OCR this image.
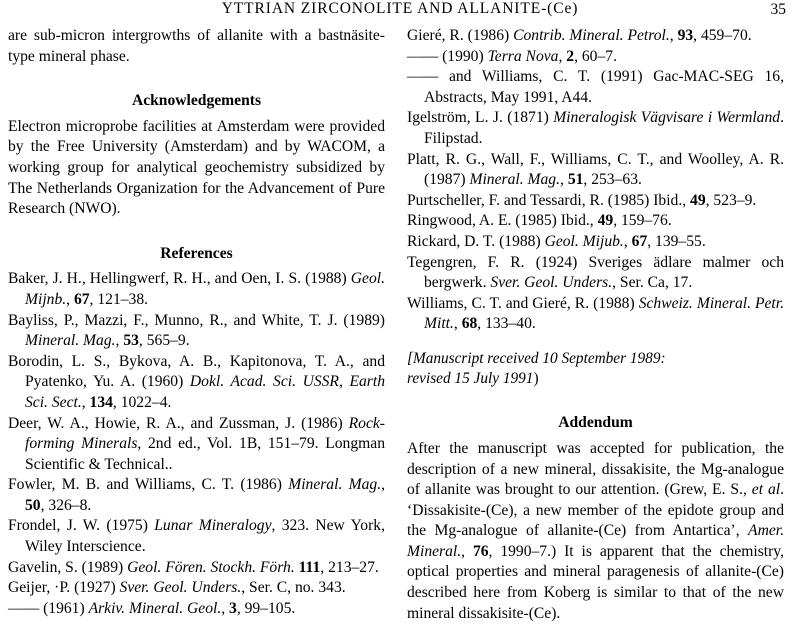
YTTRIAN ZIRCONOLITE AND ALLANITE-(Ce)	35

are sub-micron intergrowths of allanite with a bastnäsite-type mineral phase.

Acknowledgements

Electron microprobe facilities at Amsterdam were provided by the Free University (Amsterdam) and by WACOM, a working group for analytical geochemistry subsidized by The Netherlands Organization for the Advancement of Pure Research (NWO).

References
Baker, J. H., Hellingwerf, R. H., and Oen, I. S. (1988) Geol. Mijnb., 67, 121–38.
Bayliss, P., Mazzi, F., Munno, R., and White, T. J. (1989) Mineral. Mag., 53, 565–9.
Borodin, L. S., Bykova, A. B., Kapitonova, T. A., and Pyatenko, Yu. A. (1960) Dokl. Acad. Sci. USSR, Earth Sci. Sect., 134, 1022–4.
Deer, W. A., Howie, R. A., and Zussman, J. (1986) Rock-forming Minerals, 2nd ed., Vol. 1B, 151–79. Longman Scientific & Technical..
Fowler, M. B. and Williams, C. T. (1986) Mineral. Mag., 50, 326–8.
Frondel, J. W. (1975) Lunar Mineralogy, 323. New York, Wiley Interscience.
Gavelin, S. (1989) Geol. Fören. Stockh. Förh. 111, 213–27.
Geijer, ·P. (1927) Sver. Geol. Unders., Ser. C, no. 343.
—— (1961) Arkiv. Mineral. Geol., 3, 99–105.
Gieré, R. (1986) Contrib. Mineral. Petrol., 93, 459–70.
—— (1990) Terra Nova, 2, 60–7.
—— and Williams, C. T. (1991) Gac-MAC-SEG 16, Abstracts, May 1991, A44.
Igelström, L. J. (1871) Mineralogisk Vägvisare i Wermland. Filipstad.
Platt, R. G., Wall, F., Williams, C. T., and Woolley, A. R. (1987) Mineral. Mag., 51, 253–63.
Purtscheller, F. and Tessardi, R. (1985) Ibid., 49, 523–9.
Ringwood, A. E. (1985) Ibid., 49, 159–76.
Rickard, D. T. (1988) Geol. Mijub., 67, 139–55.
Tegengren, F. R. (1924) Sveriges ädlare malmer och bergwerk. Sver. Geol. Unders., Ser. Ca, 17.
Williams, C. T. and Gieré, R. (1988) Schweiz. Mineral. Petr. Mitt., 68, 133–40.
[Manuscript received 10 September 1989:
revised 15 July 1991)
Addendum

After the manuscript was accepted for publication, the description of a new mineral, dissakisite, the Mg-analogue of allanite was brought to our attention. (Grew, E. S., et al. ‘Dissakisite-(Ce), a new member of the epidote group and the Mg-analogue of allanite-(Ce) from Antartica’, Amer. Mineral., 76, 1990–7.) It is apparent that the chemistry, optical properties and mineral paragenesis of allanite-(Ce) described here from Koberg is similar to that of the new mineral dissakisite-(Ce).
